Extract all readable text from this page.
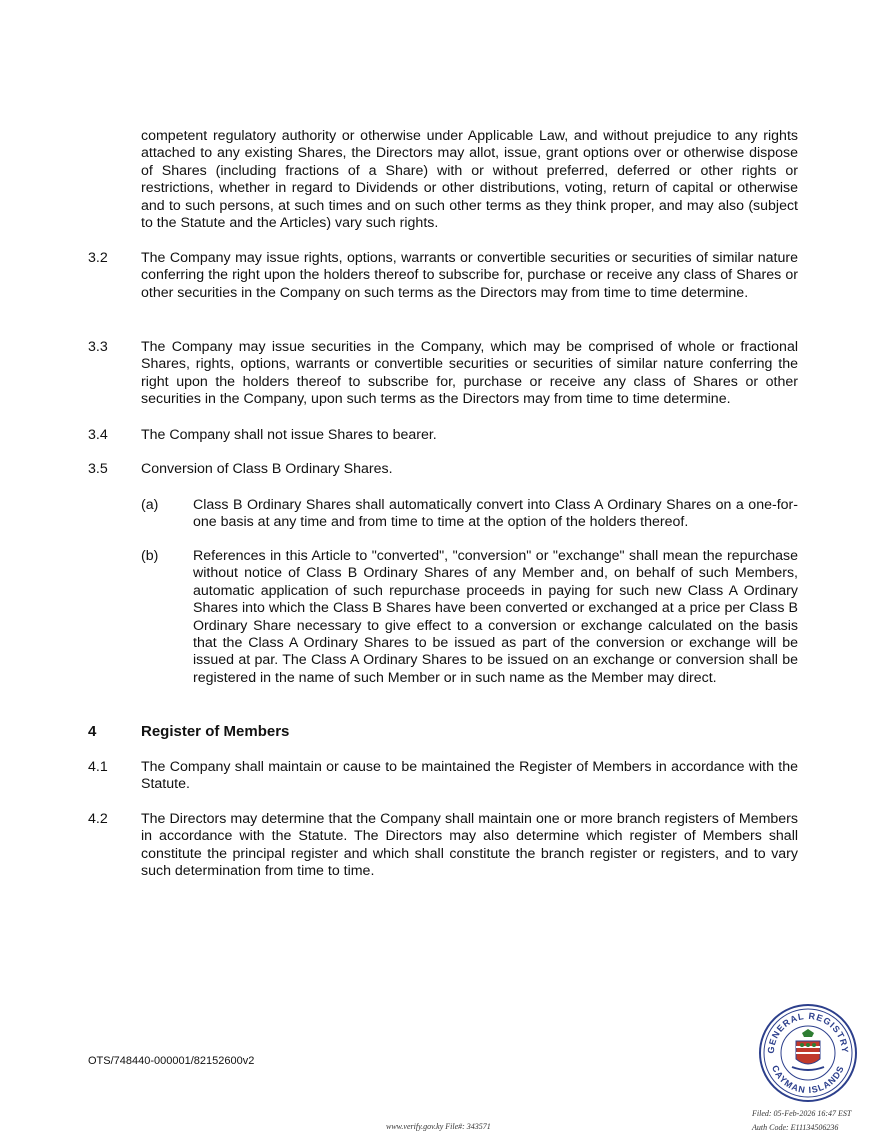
competent regulatory authority or otherwise under Applicable Law, and without prejudice to any rights attached to any existing Shares, the Directors may allot, issue, grant options over or otherwise dispose of Shares (including fractions of a Share) with or without preferred, deferred or other rights or restrictions, whether in regard to Dividends or other distributions, voting, return of capital or otherwise and to such persons, at such times and on such other terms as they think proper, and may also (subject to the Statute and the Articles) vary such rights.

3.2 The Company may issue rights, options, warrants or convertible securities or securities of similar nature conferring the right upon the holders thereof to subscribe for, purchase or receive any class of Shares or other securities in the Company on such terms as the Directors may from time to time determine.

3.3 The Company may issue securities in the Company, which may be comprised of whole or fractional Shares, rights, options, warrants or convertible securities or securities of similar nature conferring the right upon the holders thereof to subscribe for, purchase or receive any class of Shares or other securities in the Company, upon such terms as the Directors may from time to time determine.

3.4 The Company shall not issue Shares to bearer.

3.5 Conversion of Class B Ordinary Shares.

(a) Class B Ordinary Shares shall automatically convert into Class A Ordinary Shares on a one-for-one basis at any time and from time to time at the option of the holders thereof.

(b) References in this Article to "converted", "conversion" or "exchange" shall mean the repurchase without notice of Class B Ordinary Shares of any Member and, on behalf of such Members, automatic application of such repurchase proceeds in paying for such new Class A Ordinary Shares into which the Class B Shares have been converted or exchanged at a price per Class B Ordinary Share necessary to give effect to a conversion or exchange calculated on the basis that the Class A Ordinary Shares to be issued as part of the conversion or exchange will be issued at par. The Class A Ordinary Shares to be issued on an exchange or conversion shall be registered in the name of such Member or in such name as the Member may direct.

4	Register of Members
4.1 The Company shall maintain or cause to be maintained the Register of Members in accordance with the Statute.

4.2 The Directors may determine that the Company shall maintain one or more branch registers of Members in accordance with the Statute. The Directors may also determine which register of Members shall constitute the principal register and which shall constitute the branch register or registers, and to vary such determination from time to time.

OTS/748440-000001/82152600v2
GENERAL REGISTRY
CAYMAN ISLANDS
www.verify.gov.ky File#: 343571
Filed: 05-Feb-2026 16:47 EST
Auth Code: E11134506236
